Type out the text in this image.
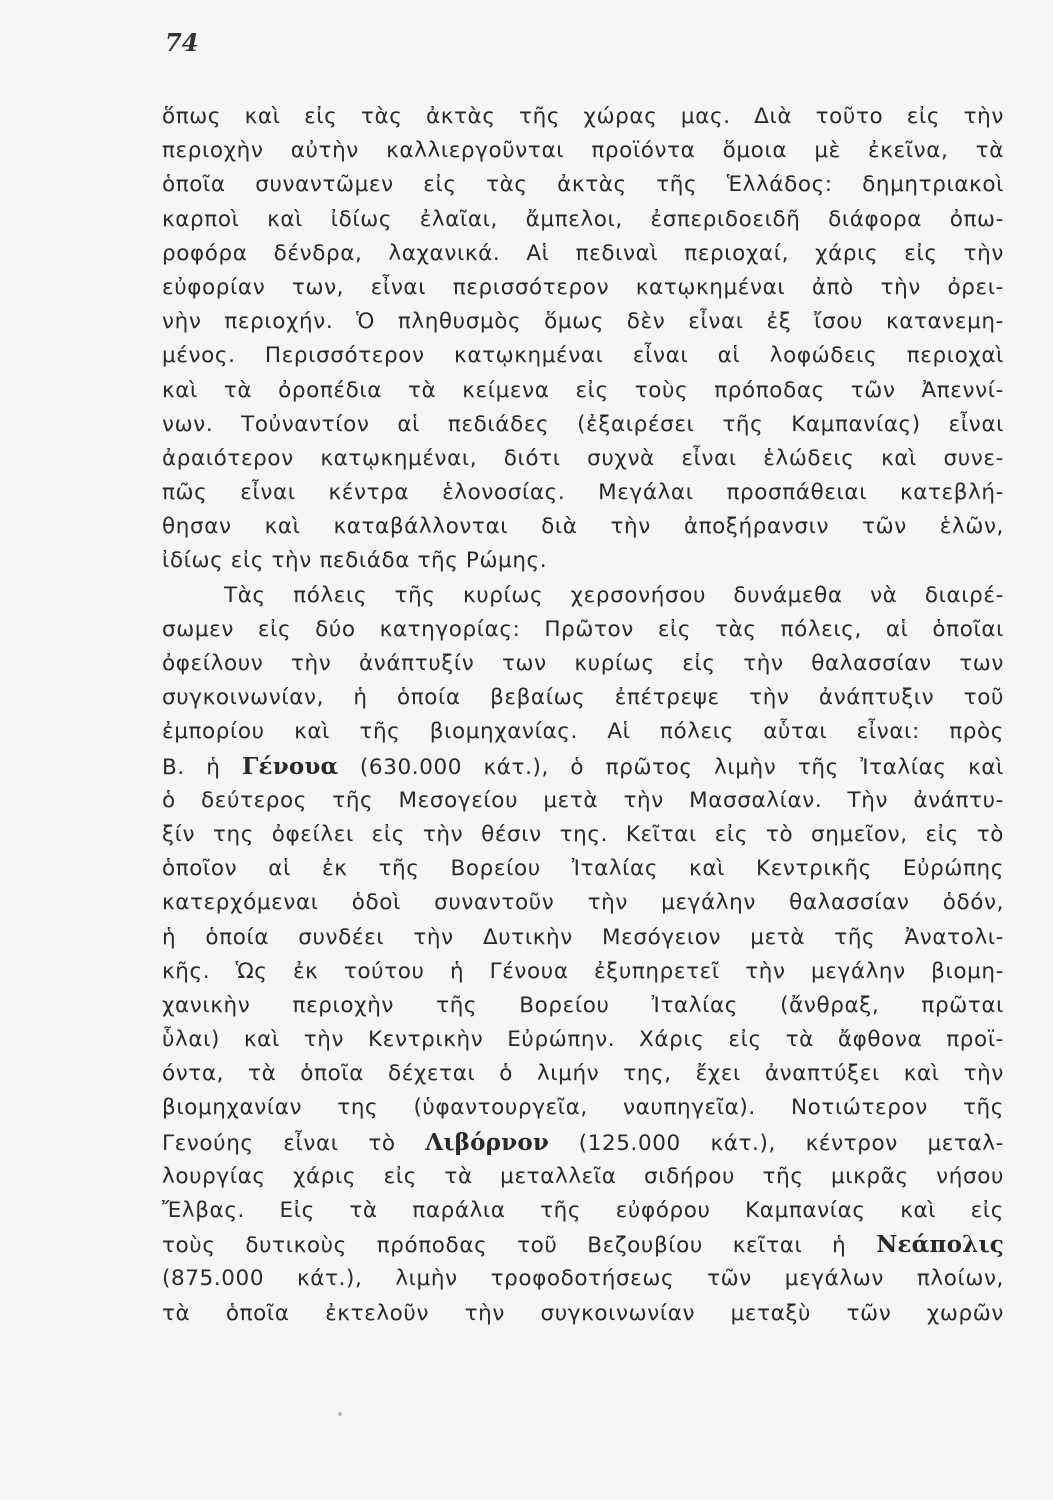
74
ὅπως καὶ εἰς τὰς ἀκτὰς τῆς χώρας μας. Διὰ τοῦτο εἰς τὴν
περιοχὴν αὐτὴν καλλιεργοῦνται προϊόντα ὅμοια μὲ ἐκεῖνα, τὰ
ὁποῖα συναντῶμεν εἰς τὰς ἀκτὰς τῆς Ἑλλάδος: δημητριακοὶ
καρποὶ καὶ ἰδίως ἐλαῖαι, ἄμπελοι, ἐσπεριδοειδῆ διάφορα ὀπω-
ροφόρα δένδρα, λαχανικά. Αἱ πεδιναὶ περιοχαί, χάρις εἰς τὴν
εὐφορίαν των, εἶναι περισσότερον κατῳκημέναι ἀπὸ τὴν ὀρει-
νὴν περιοχήν. Ὁ πληθυσμὸς ὅμως δὲν εἶναι ἐξ ἴσου κατανεμη-
μένος. Περισσότερον κατῳκημέναι εἶναι αἱ λοφώδεις περιοχαὶ
καὶ τὰ ὀροπέδια τὰ κείμενα εἰς τοὺς πρόποδας τῶν Ἀπεννί-
νων. Τοὐναντίον αἱ πεδιάδες (ἐξαιρέσει τῆς Καμπανίας) εἶναι
ἀραιότερον κατῳκημέναι, διότι συχνὰ εἶναι ἑλώδεις καὶ συνε-
πῶς εἶναι κέντρα ἑλονοσίας. Μεγάλαι προσπάθειαι κατεβλή-
θησαν καὶ καταβάλλονται διὰ τὴν ἀποξήρανσιν τῶν ἑλῶν,
ἰδίως εἰς τὴν πεδιάδα τῆς Ρώμης.
Τὰς πόλεις τῆς κυρίως χερσονήσου δυνάμεθα νὰ διαιρέ-
σωμεν εἰς δύο κατηγορίας: Πρῶτον εἰς τὰς πόλεις, αἱ ὁποῖαι
ὀφείλουν τὴν ἀνάπτυξίν των κυρίως εἰς τὴν θαλασσίαν των
συγκοινωνίαν, ἡ ὁποία βεβαίως ἐπέτρεψε τὴν ἀνάπτυξιν τοῦ
ἐμπορίου καὶ τῆς βιομηχανίας. Αἱ πόλεις αὗται εἶναι: πρὸς
Β. ἡ Γένουα (630.000 κάτ.), ὁ πρῶτος λιμὴν τῆς Ἰταλίας καὶ
ὁ δεύτερος τῆς Μεσογείου μετὰ τὴν Μασσαλίαν. Τὴν ἀνάπτυ-
ξίν της ὀφείλει εἰς τὴν θέσιν της. Κεῖται εἰς τὸ σημεῖον, εἰς τὸ
ὁποῖον αἱ ἐκ τῆς Βορείου Ἰταλίας καὶ Κεντρικῆς Εὐρώπης
κατερχόμεναι ὁδοὶ συναντοῦν τὴν μεγάλην θαλασσίαν ὁδόν,
ἡ ὁποία συνδέει τὴν Δυτικὴν Μεσόγειον μετὰ τῆς Ἀνατολι-
κῆς. Ὡς ἐκ τούτου ἡ Γένουα ἐξυπηρετεῖ τὴν μεγάλην βιομη-
χανικὴν περιοχὴν τῆς Βορείου Ἰταλίας (ἄνθραξ, πρῶται
ὗλαι) καὶ τὴν Κεντρικὴν Εὐρώπην. Χάρις εἰς τὰ ἄφθονα προϊ-
όντα, τὰ ὁποῖα δέχεται ὁ λιμήν της, ἔχει ἀναπτύξει καὶ τὴν
βιομηχανίαν της (ὑφαντουργεῖα, ναυπηγεῖα). Νοτιώτερον τῆς
Γενούης εἶναι τὸ Λιβόρνον (125.000 κάτ.), κέντρον μεταλ-
λουργίας χάρις εἰς τὰ μεταλλεῖα σιδήρου τῆς μικρᾶς νήσου
Ἔλβας. Εἰς τὰ παράλια τῆς εὐφόρου Καμπανίας καὶ εἰς
τοὺς δυτικοὺς πρόποδας τοῦ Βεζουβίου κεῖται ἡ Νεάπολις
(875.000 κάτ.), λιμὴν τροφοδοτήσεως τῶν μεγάλων πλοίων,
τὰ ὁποῖα ἐκτελοῦν τὴν συγκοινωνίαν μεταξὺ τῶν χωρῶν
